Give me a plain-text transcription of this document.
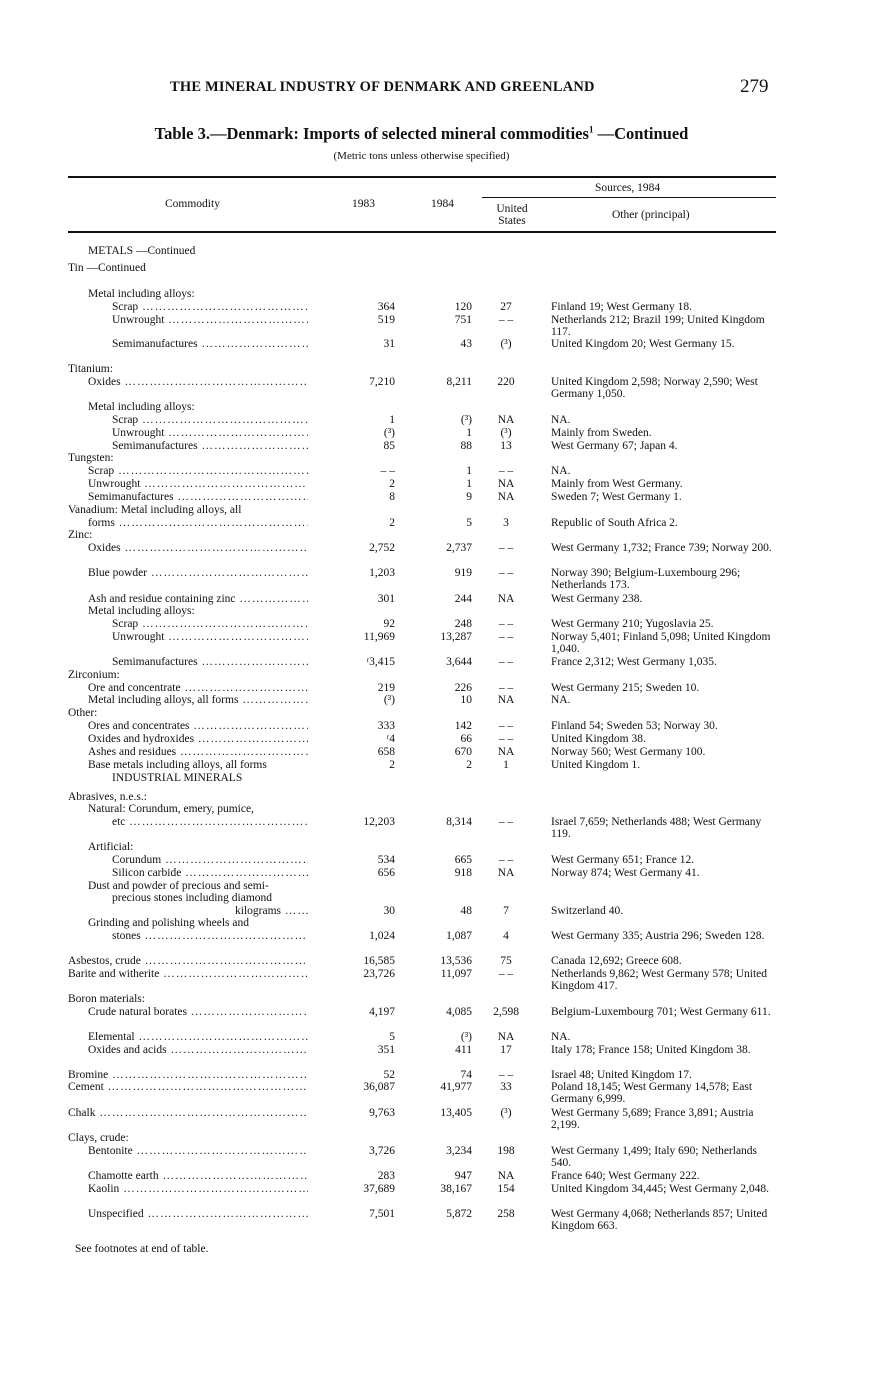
THE MINERAL INDUSTRY OF DENMARK AND GREENLAND	279
Table 3.—Denmark: Imports of selected mineral commodities$^1$ —Continued
(Metric tons unless otherwise specified)
Commodity	1983	1984
Sources, 1984
United States	Other (principal)
METALS —Continued
Tin —Continued
Metal including alloys:
Scrap ………………………………………………………………………………………………………………	364	120	27	Finland 19; West Germany 18.
Unwrought ………………………………………………………………………………………………………………	519	751	– –	Netherlands 212; Brazil 199; United Kingdom 117.
Semimanufactures ………………………………………………………………………………………………………………	31	43	(³)	United Kingdom 20; West Germany 15.
Titanium:
Oxides ………………………………………………………………………………………………………………	7,210	8,211	220	United Kingdom 2,598; Norway 2,590; West Germany 1,050.
Metal including alloys:
Scrap ………………………………………………………………………………………………………………	1	(³)	NA	NA.
Unwrought ………………………………………………………………………………………………………………	(³)	1	(³)	Mainly from Sweden.
Semimanufactures ………………………………………………………………………………………………………………	85	88	13	West Germany 67; Japan 4.
Tungsten:
Scrap ………………………………………………………………………………………………………………	– –	1	– –	NA.
Unwrought ………………………………………………………………………………………………………………	2	1	NA	Mainly from West Germany.
Semimanufactures ………………………………………………………………………………………………………………	8	9	NA	Sweden 7; West Germany 1.
Vanadium: Metal including alloys, all
forms ………………………………………………………………………………………………………………	2	5	3	Republic of South Africa 2.
Zinc:
Oxides ………………………………………………………………………………………………………………	2,752	2,737	– –	West Germany 1,732; France 739; Norway 200.
Blue powder ………………………………………………………………………………………………………………	1,203	919	– –	Norway 390; Belgium-Luxembourg 296; Netherlands 173.
Ash and residue containing zinc ………………………………………………………………………………………………………………	301	244	NA	West Germany 238.
Metal including alloys:
Scrap ………………………………………………………………………………………………………………	92	248	– –	West Germany 210; Yugoslavia 25.
Unwrought ………………………………………………………………………………………………………………	11,969	13,287	– –	Norway 5,401; Finland 5,098; United Kingdom 1,040.
Semimanufactures ………………………………………………………………………………………………………………	ʳ3,415	3,644	– –	France 2,312; West Germany 1,035.
Zirconium:
Ore and concentrate ………………………………………………………………………………………………………………	219	226	– –	West Germany 215; Sweden 10.
Metal including alloys, all forms ………………………………………………………………………………………………………………	(³)	10	NA	NA.
Other:
Ores and concentrates ………………………………………………………………………………………………………………	333	142	– –	Finland 54; Sweden 53; Norway 30.
Oxides and hydroxides ………………………………………………………………………………………………………………	ʳ4	66	– –	United Kingdom 38.
Ashes and residues ………………………………………………………………………………………………………………	658	670	NA	Norway 560; West Germany 100.
Base metals including alloys, all forms	2	2	1	United Kingdom 1.
INDUSTRIAL MINERALS
Abrasives, n.e.s.:
Natural: Corundum, emery, pumice,
etc ………………………………………………………………………………………………………………	12,203	8,314	– –	Israel 7,659; Netherlands 488; West Germany 119.
Artificial:
Corundum ………………………………………………………………………………………………………………	534	665	– –	West Germany 651; France 12.
Silicon carbide ………………………………………………………………………………………………………………	656	918	NA	Norway 874; West Germany 41.
Dust and powder of precious and semi-
precious stones including diamond
kilograms ………………………………………………………………………………………………………………	30	48	7	Switzerland 40.
Grinding and polishing wheels and
stones ………………………………………………………………………………………………………………	1,024	1,087	4	West Germany 335; Austria 296; Sweden 128.
Asbestos, crude ………………………………………………………………………………………………………………	16,585	13,536	75	Canada 12,692; Greece 608.
Barite and witherite ………………………………………………………………………………………………………………	23,726	11,097	– –	Netherlands 9,862; West Germany 578; United Kingdom 417.
Boron materials:
Crude natural borates ………………………………………………………………………………………………………………	4,197	4,085	2,598	Belgium-Luxembourg 701; West Germany 611.
Elemental ………………………………………………………………………………………………………………	5	(³)	NA	NA.
Oxides and acids ………………………………………………………………………………………………………………	351	411	17	Italy 178; France 158; United Kingdom 38.
Bromine ………………………………………………………………………………………………………………	52	74	– –	Israel 48; United Kingdom 17.
Cement ………………………………………………………………………………………………………………	36,087	41,977	33	Poland 18,145; West Germany 14,578; East Germany 6,999.
Chalk ………………………………………………………………………………………………………………	9,763	13,405	(³)	West Germany 5,689; France 3,891; Austria 2,199.
Clays, crude:
Bentonite ………………………………………………………………………………………………………………	3,726	3,234	198	West Germany 1,499; Italy 690; Netherlands 540.
Chamotte earth ………………………………………………………………………………………………………………	283	947	NA	France 640; West Germany 222.
Kaolin ………………………………………………………………………………………………………………	37,689	38,167	154	United Kingdom 34,445; West Germany 2,048.
Unspecified ………………………………………………………………………………………………………………	7,501	5,872	258	West Germany 4,068; Netherlands 857; United Kingdom 663.
See footnotes at end of table.
